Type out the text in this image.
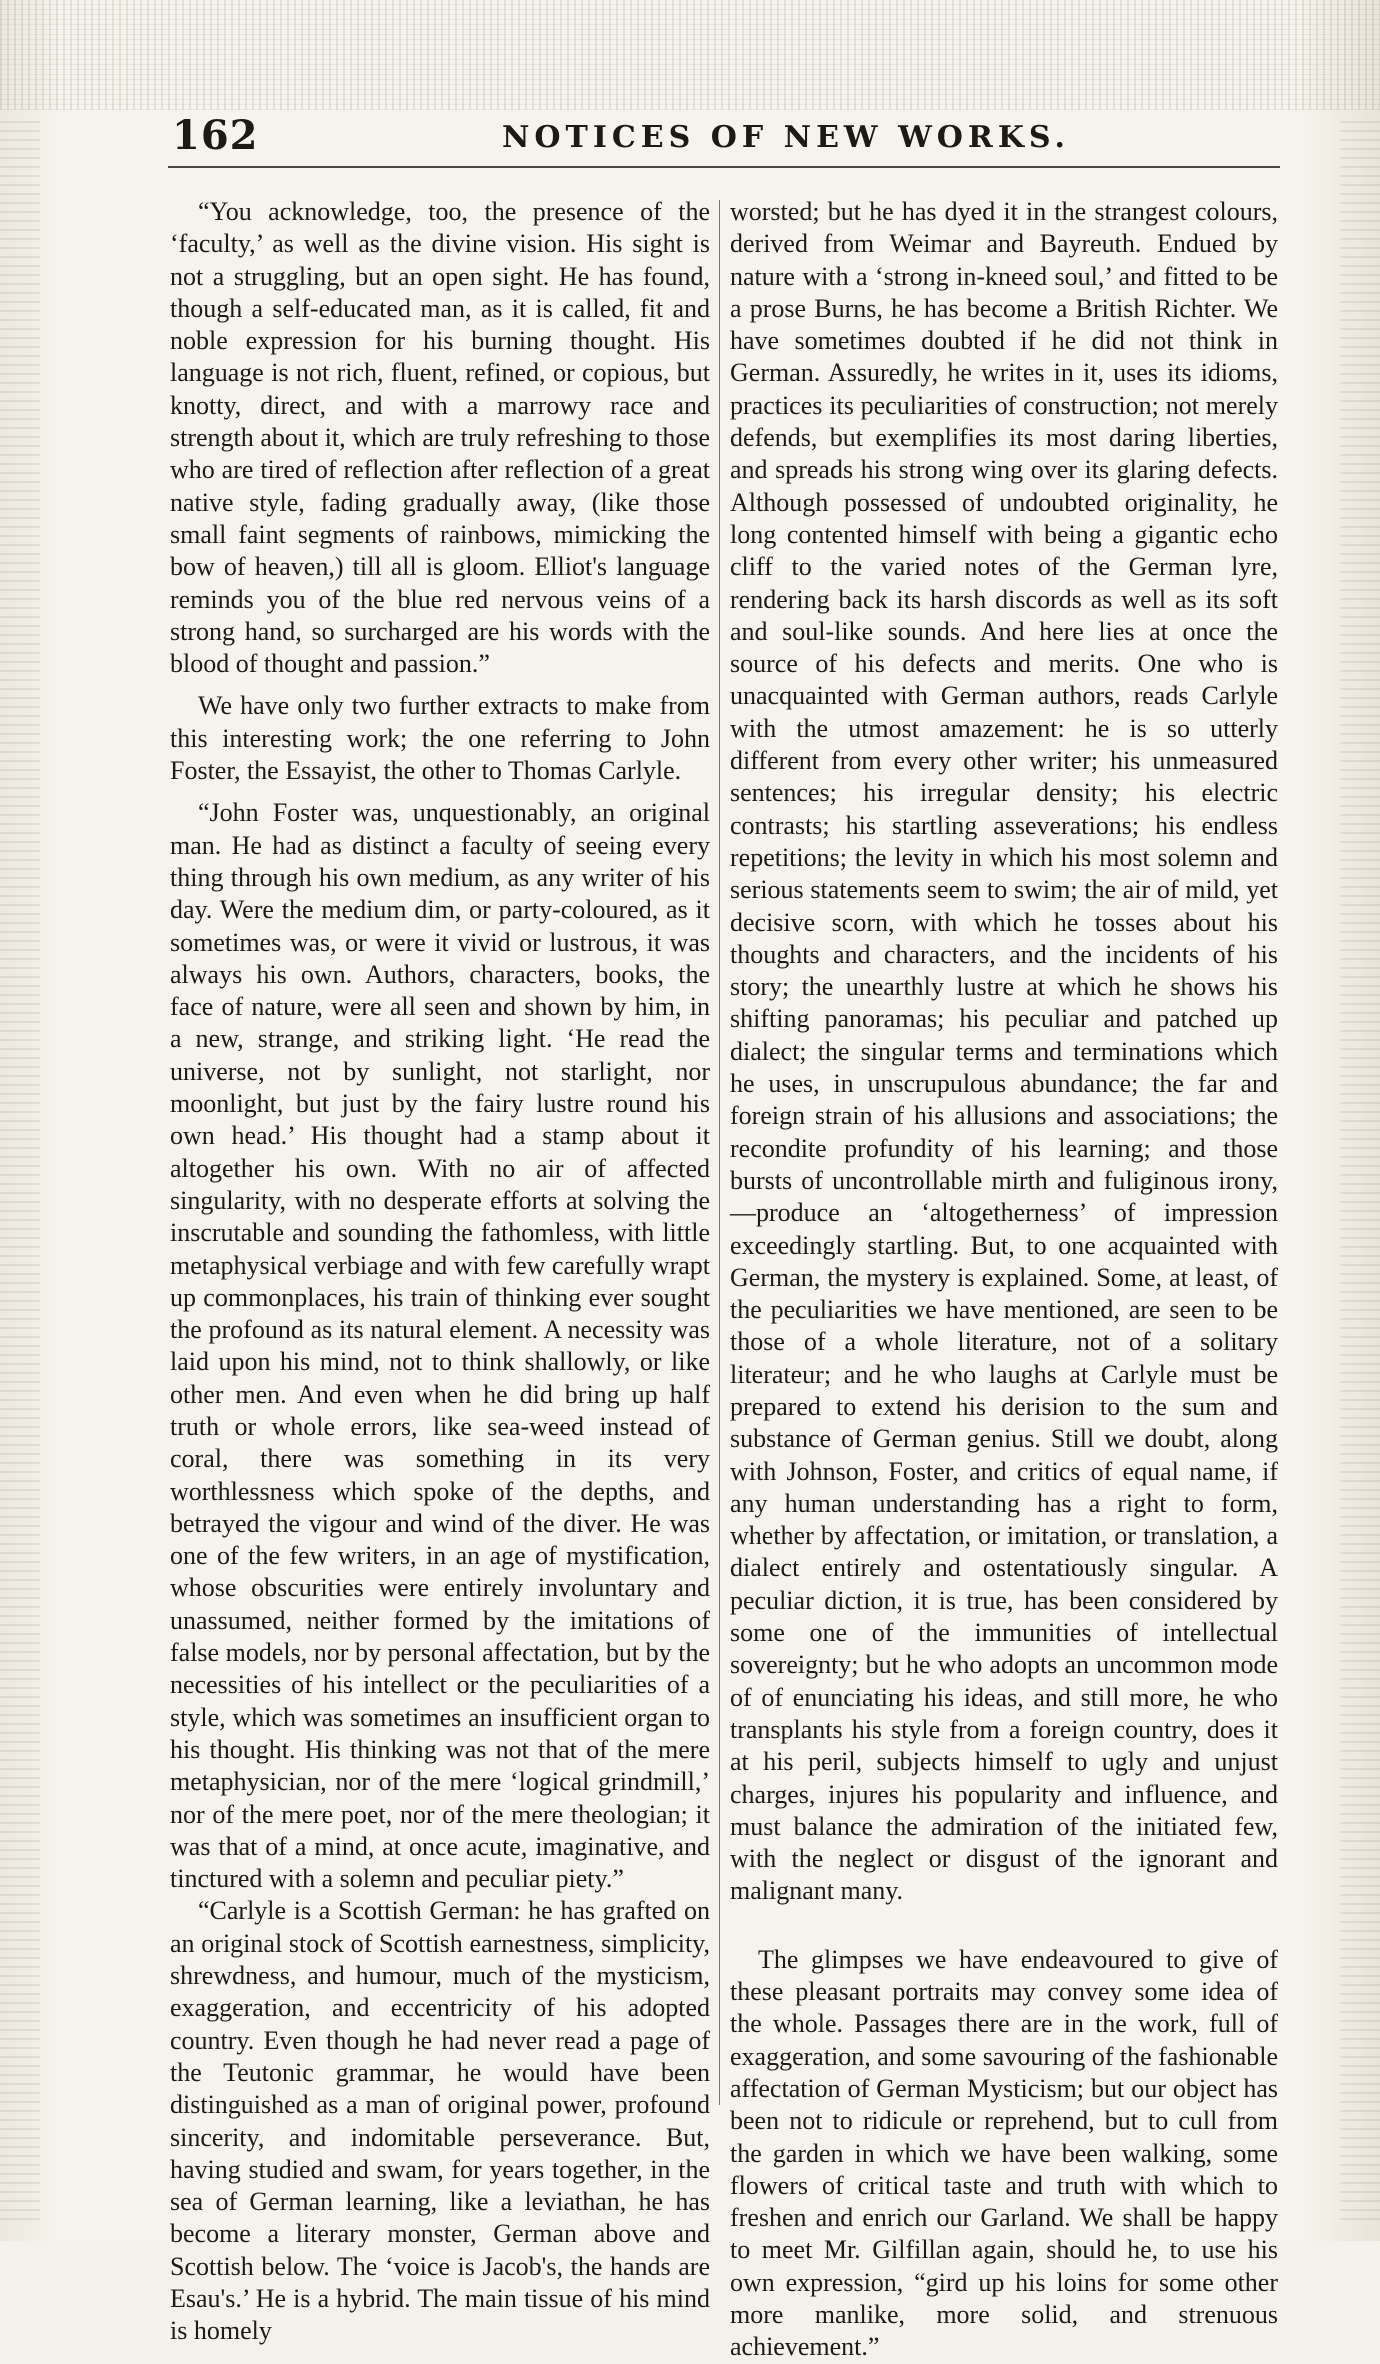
162	NOTICES OF NEW WORKS.

“You acknowledge, too, the presence of the ‘faculty,’ as well as the divine vision. His sight is not a struggling, but an open sight. He has found, though a self-educated man, as it is called, fit and noble expression for his burning thought. His language is not rich, fluent, refined, or copious, but knotty, direct, and with a marrowy race and strength about it, which are truly refreshing to those who are tired of reflection after reflection of a great native style, fading gradually away, (like those small faint segments of rainbows, mimicking the bow of heaven,) till all is gloom. Elliot's language reminds you of the blue red nervous veins of a strong hand, so surcharged are his words with the blood of thought and passion.”

We have only two further extracts to make from this interesting work; the one referring to John Foster, the Essayist, the other to Thomas Carlyle.

“John Foster was, unquestionably, an original man. He had as distinct a faculty of seeing every thing through his own medium, as any writer of his day. Were the medium dim, or party-coloured, as it sometimes was, or were it vivid or lustrous, it was always his own. Authors, characters, books, the face of nature, were all seen and shown by him, in a new, strange, and striking light. ‘He read the universe, not by sunlight, not starlight, nor moonlight, but just by the fairy lustre round his own head.’ His thought had a stamp about it altogether his own. With no air of affected singularity, with no desperate efforts at solving the inscrutable and sounding the fathomless, with little metaphysical verbiage and with few carefully wrapt up commonplaces, his train of thinking ever sought the profound as its natural element. A necessity was laid upon his mind, not to think shallowly, or like other men. And even when he did bring up half truth or whole errors, like sea-weed instead of coral, there was something in its very worthlessness which spoke of the depths, and betrayed the vigour and wind of the diver. He was one of the few writers, in an age of mystification, whose obscurities were entirely involuntary and unassumed, neither formed by the imitations of false models, nor by personal affectation, but by the necessities of his intellect or the peculiarities of a style, which was sometimes an insufficient organ to his thought. His thinking was not that of the mere metaphysician, nor of the mere ‘logical grindmill,’ nor of the mere poet, nor of the mere theologian; it was that of a mind, at once acute, imaginative, and tinctured with a solemn and peculiar piety.”

“Carlyle is a Scottish German: he has grafted on an original stock of Scottish earnestness, simplicity, shrewdness, and humour, much of the mysticism, exaggeration, and eccentricity of his adopted country. Even though he had never read a page of the Teutonic grammar, he would have been distinguished as a man of original power, profound sincerity, and indomitable perseverance. But, having studied and swam, for years together, in the sea of German learning, like a leviathan, he has become a literary monster, German above and Scottish below. The ‘voice is Jacob's, the hands are Esau's.’ He is a hybrid. The main tissue of his mind is homely

worsted; but he has dyed it in the strangest colours, derived from Weimar and Bayreuth. Endued by nature with a ‘strong in-kneed soul,’ and fitted to be a prose Burns, he has become a British Richter. We have sometimes doubted if he did not think in German. Assuredly, he writes in it, uses its idioms, practices its peculiarities of construction; not merely defends, but exemplifies its most daring liberties, and spreads his strong wing over its glaring defects. Although possessed of undoubted originality, he long contented himself with being a gigantic echo cliff to the varied notes of the German lyre, rendering back its harsh discords as well as its soft and soul-like sounds. And here lies at once the source of his defects and merits. One who is unacquainted with German authors, reads Carlyle with the utmost amazement: he is so utterly different from every other writer; his unmeasured sentences; his irregular density; his electric contrasts; his startling asseverations; his endless repetitions; the levity in which his most solemn and serious statements seem to swim; the air of mild, yet decisive scorn, with which he tosses about his thoughts and characters, and the incidents of his story; the unearthly lustre at which he shows his shifting panoramas; his peculiar and patched up dialect; the singular terms and terminations which he uses, in unscrupulous abundance; the far and foreign strain of his allusions and associations; the recondite profundity of his learning; and those bursts of uncontrollable mirth and fuliginous irony,—produce an ‘altogetherness’ of impression exceedingly startling. But, to one acquainted with German, the mystery is explained. Some, at least, of the peculiarities we have mentioned, are seen to be those of a whole literature, not of a solitary literateur; and he who laughs at Carlyle must be prepared to extend his derision to the sum and substance of German genius. Still we doubt, along with Johnson, Foster, and critics of equal name, if any human understanding has a right to form, whether by affectation, or imitation, or translation, a dialect entirely and ostentatiously singular. A peculiar diction, it is true, has been considered by some one of the immunities of intellectual sovereignty; but he who adopts an uncommon mode of of enunciating his ideas, and still more, he who transplants his style from a foreign country, does it at his peril, subjects himself to ugly and unjust charges, injures his popularity and influence, and must balance the admiration of the initiated few, with the neglect or disgust of the ignorant and malignant many.

The glimpses we have endeavoured to give of these pleasant portraits may convey some idea of the whole. Passages there are in the work, full of exaggeration, and some savouring of the fashionable affectation of German Mysticism; but our object has been not to ridicule or reprehend, but to cull from the garden in which we have been walking, some flowers of critical taste and truth with which to freshen and enrich our Garland. We shall be happy to meet Mr. Gilfillan again, should he, to use his own expression, “gird up his loins for some other more manlike, more solid, and strenuous achievement.”
